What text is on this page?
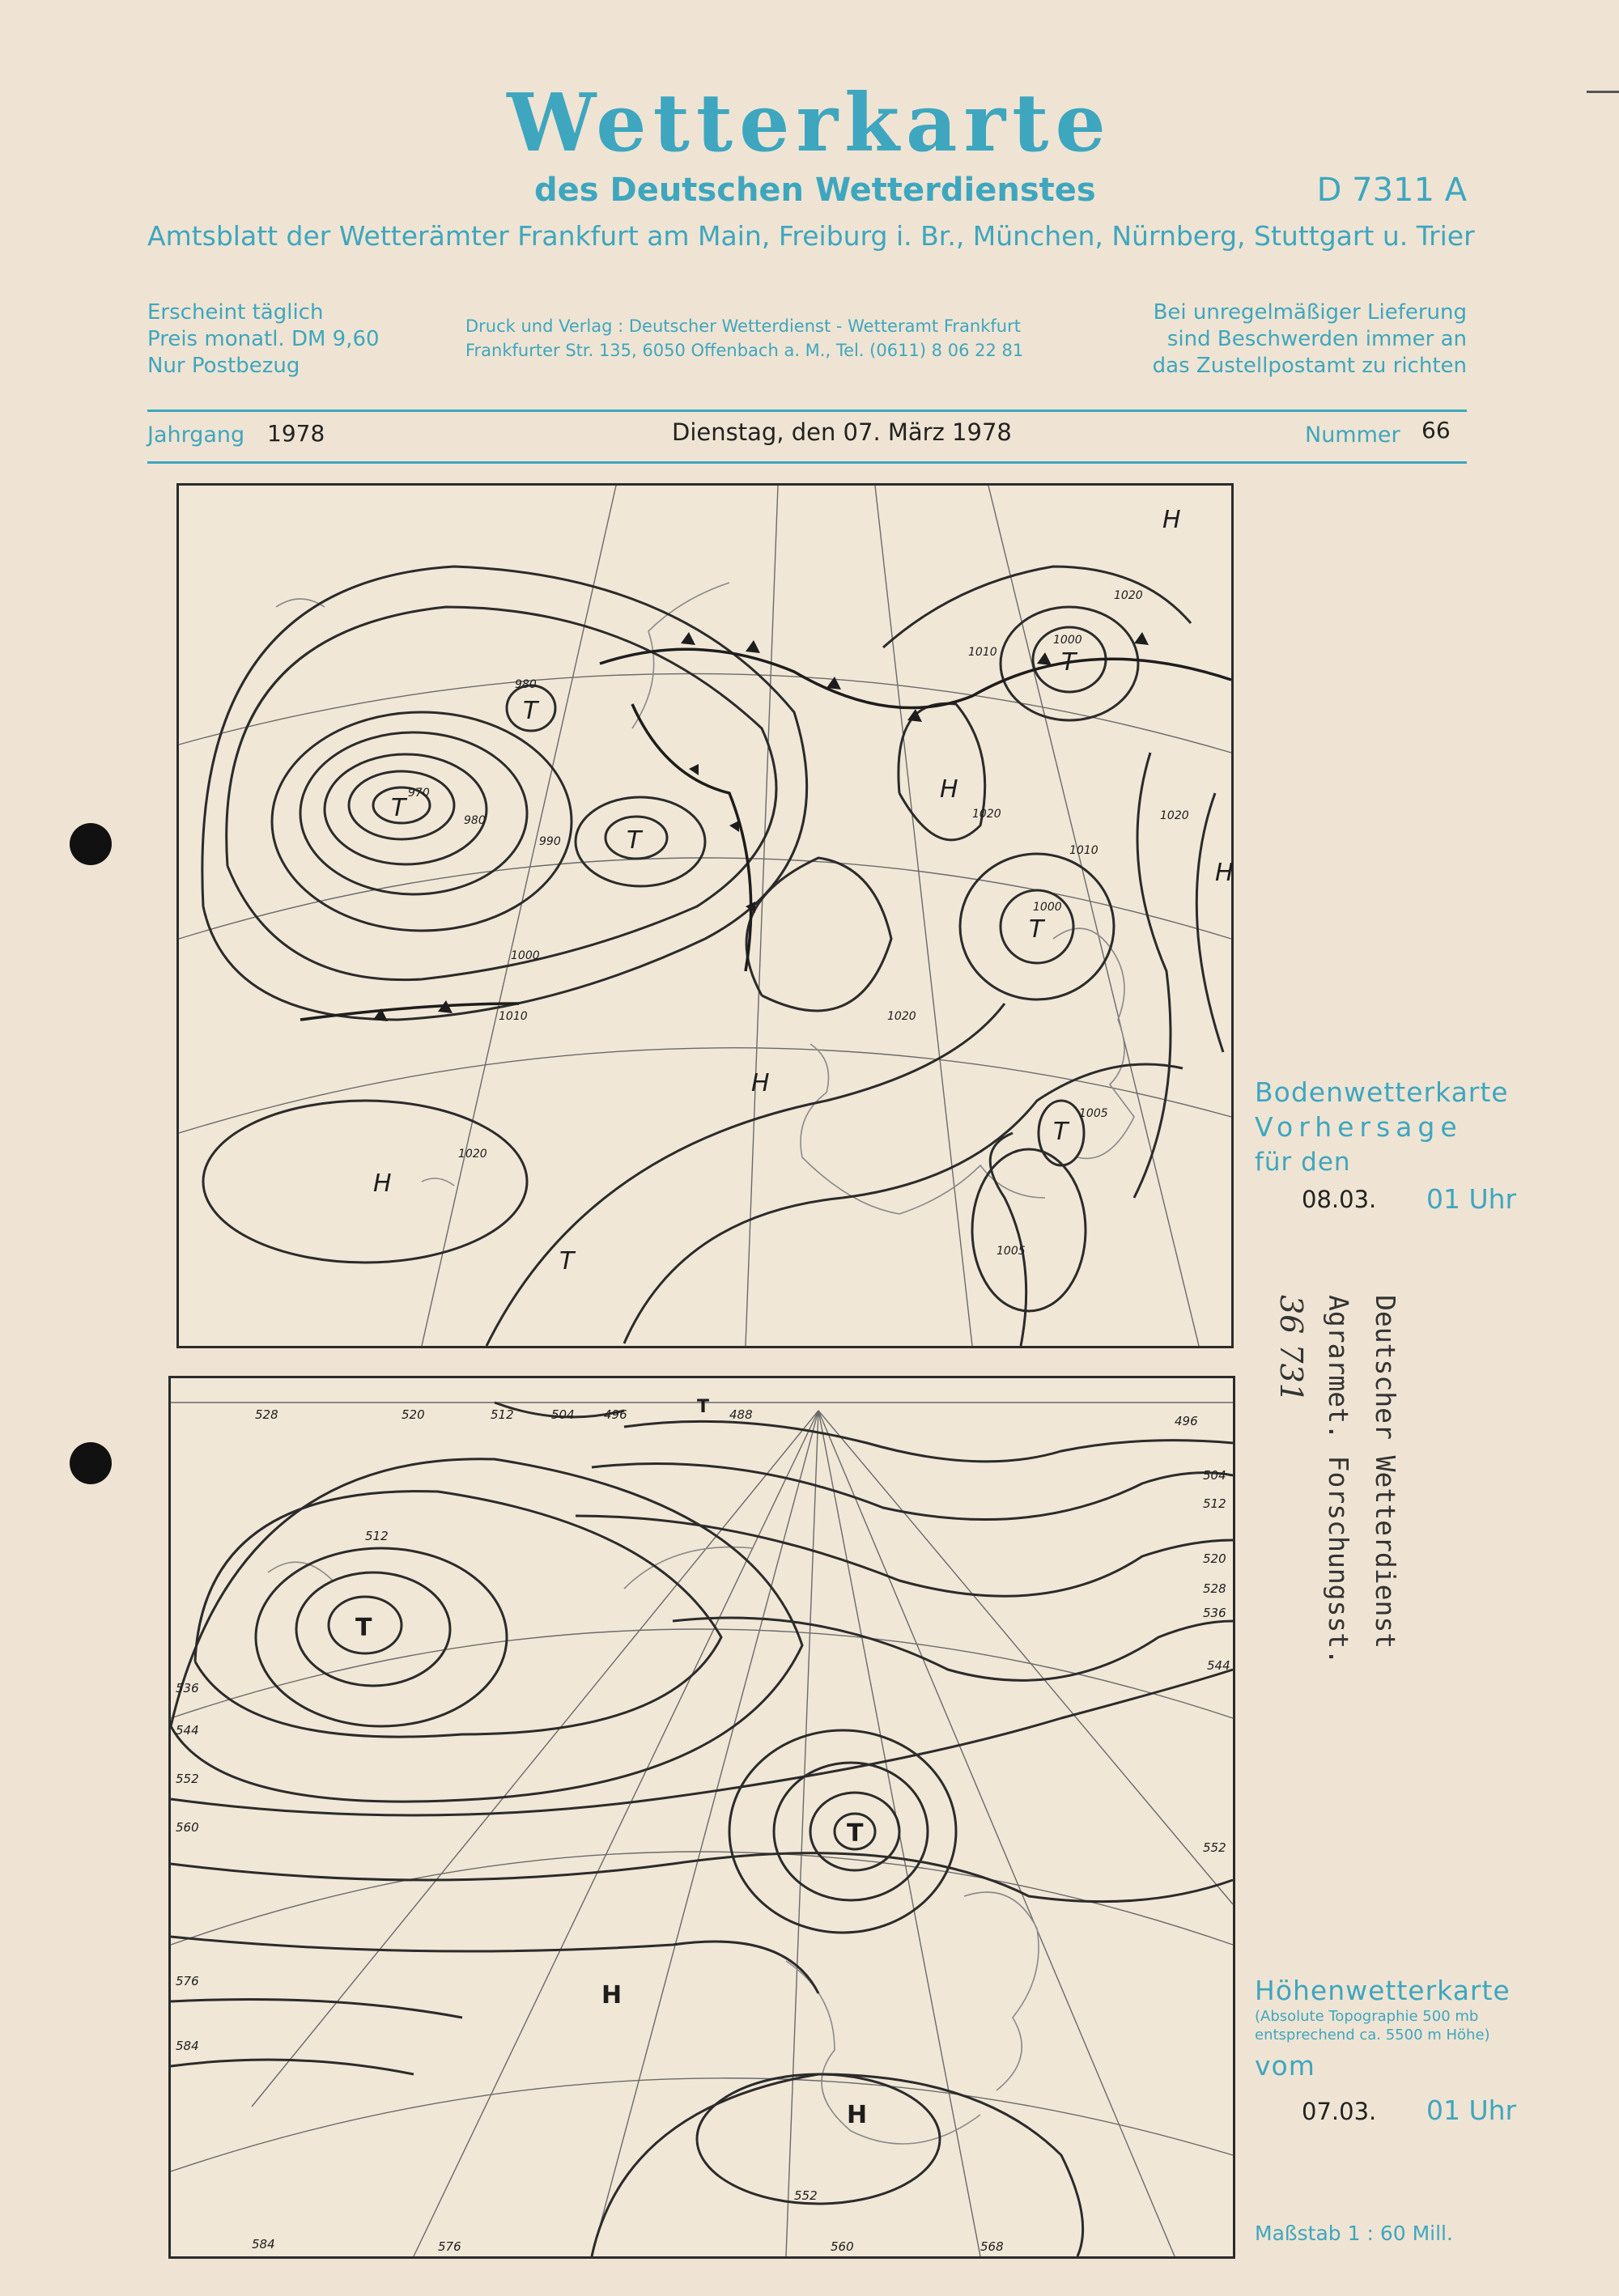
Wetterkarte
des Deutschen Wetterdienstes	D 7311 A
Amtsblatt der Wetterämter Frankfurt am Main, Freiburg i. Br., München, Nürnberg, Stuttgart u. Trier
Erscheint täglich
Preis monatl. DM 9,60
Nur Postbezug
Druck und Verlag : Deutscher Wetterdienst - Wetteramt Frankfurt
Frankfurter Str. 135, 6050 Offenbach a. M., Tel. (0611) 8 06 22 81
Bei unregelmäßiger Lieferung
sind Beschwerden immer an
das Zustellpostamt zu richten
Jahrgang 1978	Dienstag, den 07. März 1978	Nummer 66
T
T
T
T
T
T
T
H
H
H
H
H
970
980
980
990
1000
1000
1000
1010
1010
1010
1005
1005
1020
1020
1020	1020
1020
Bodenwetterkarte
Vorhersage
für den
08.03. 01 Uhr
T
T
T
H
H
488
496	496
504
504
512
512
512
520
520
528
528
536
536
544
544
552
552
552
560
560
576
576
584
584	568
Höhenwetterkarte
(Absolute Topographie 500 mb
entsprechend ca. 5500 m Höhe)
vom
07.03. 01 Uhr
Maßstab 1 : 60 Mill.
Deutscher Wetterdienst
Agrarmet. Forschungsst.
36 731
